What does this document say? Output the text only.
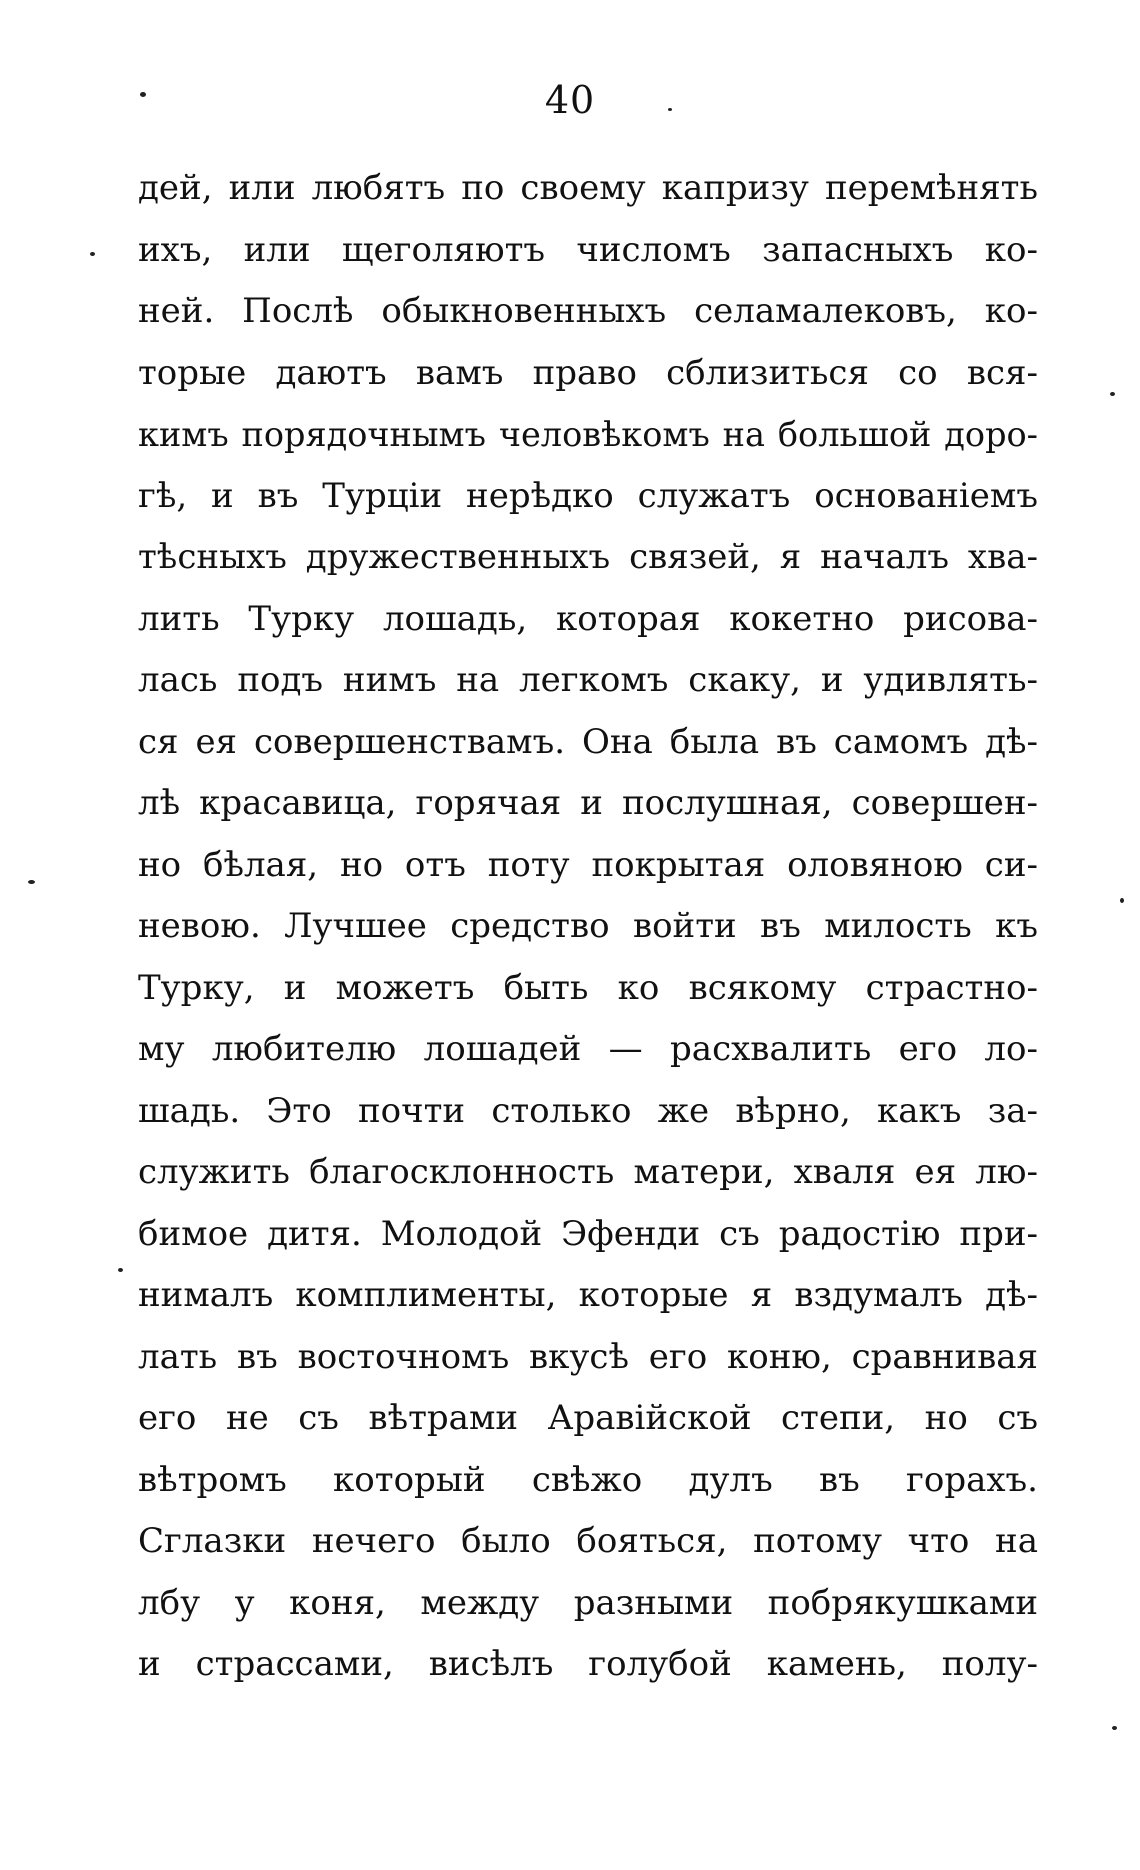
40
дей, или любятъ по своему капризу перемѣнять
ихъ, или щеголяютъ числомъ запасныхъ ко-
ней. Послѣ обыкновенныхъ селамалековъ, ко-
торые даютъ вамъ право сблизиться со вся-
кимъ порядочнымъ человѣкомъ на большой доро-
гѣ, и въ Турціи нерѣдко служатъ основаніемъ
тѣсныхъ дружественныхъ связей, я началъ хва-
лить Турку лошадь, которая кокетно рисова-
лась подъ нимъ на легкомъ скаку, и удивлять-
ся ея совершенствамъ. Она была въ самомъ дѣ-
лѣ красавица, горячая и послушная, совершен-
но бѣлая, но отъ поту покрытая оловяною си-
невою. Лучшее средство войти въ милость къ
Турку, и можетъ быть ко всякому страстно-
му любителю лошадей — расхвалить его ло-
шадь. Это почти столько же вѣрно, какъ за-
служить благосклонность матери, хваля ея лю-
бимое дитя. Молодой Эфенди съ радостію при-
нималъ комплименты, которые я вздумалъ дѣ-
лать въ восточномъ вкусѣ его коню, сравнивая
его не съ вѣтрами Аравійской степи, но съ
вѣтромъ который свѣжо дулъ въ горахъ.
Сглазки нечего было бояться, потому что на
лбу у коня, между разными побрякушками
и страссами, висѣлъ голубой камень, полу-
